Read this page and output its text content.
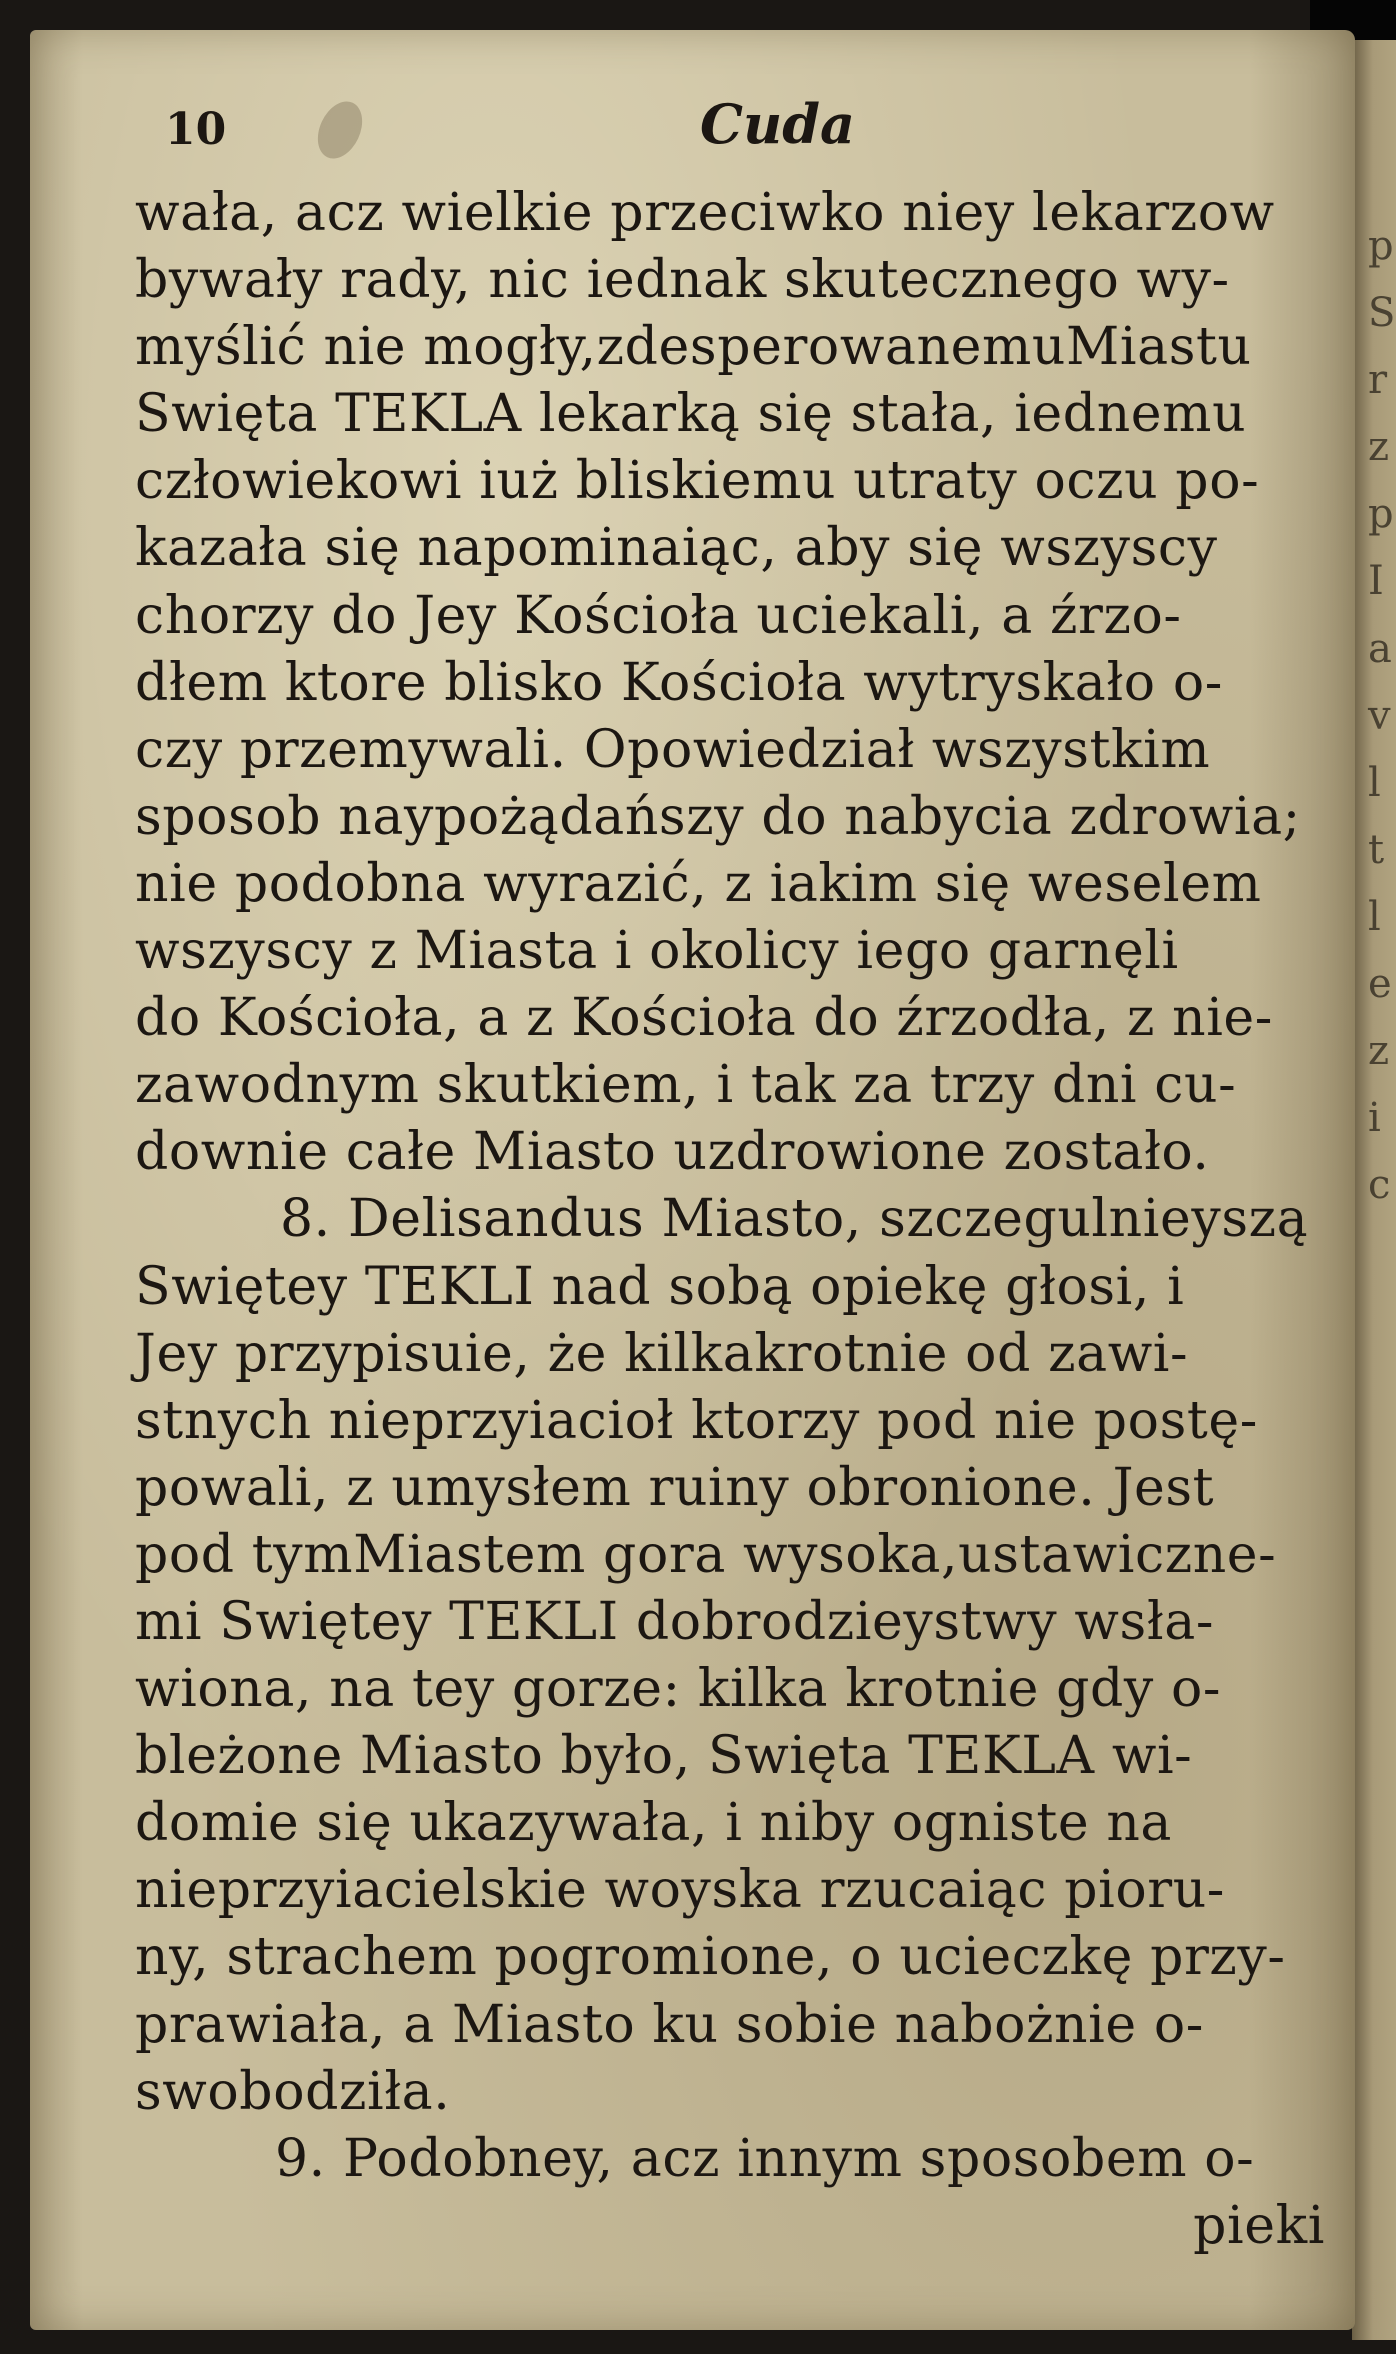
p
S
r
z
p
I
a
v
l
t
l
e
z
i
c
10	Cuda
wała, acz wielkie przeciwko niey lekarzow
bywały rady, nic iednak skutecznego wy-
myślić nie mogły,zdesperowanemuMiastu
Swięta TEKLA lekarką się stała, iednemu
człowiekowi iuż bliskiemu utraty oczu po-
kazała się napominaiąc, aby się wszyscy
chorzy do Jey Kościoła uciekali, a źrzo-
dłem ktore blisko Kościoła wytryskało o-
czy przemywali. Opowiedział wszystkim
sposob naypożądańszy do nabycia zdrowia;
nie podobna wyrazić, z iakim się weselem
wszyscy z Miasta i okolicy iego garnęli
do Kościoła, a z Kościoła do źrzodła, z nie-
zawodnym skutkiem, i tak za trzy dni cu-
downie całe Miasto uzdrowione zostało.
8. Delisandus Miasto, szczegulnieyszą
Swiętey TEKLI nad sobą opiekę głosi, i
Jey przypisuie, że kilkakrotnie od zawi-
stnych nieprzyiacioł ktorzy pod nie postę-
powali, z umysłem ruiny obronione. Jest
pod tymMiastem gora wysoka,ustawiczne-
mi Swiętey TEKLI dobrodzieystwy wsła-
wiona, na tey gorze: kilka krotnie gdy o-
bleżone Miasto było, Swięta TEKLA wi-
domie się ukazywała, i niby ogniste na
nieprzyiacielskie woyska rzucaiąc pioru-
ny, strachem pogromione, o ucieczkę przy-
prawiała, a Miasto ku sobie nabożnie o-
swobodziła.
9. Podobney, acz innym sposobem o-
pieki
